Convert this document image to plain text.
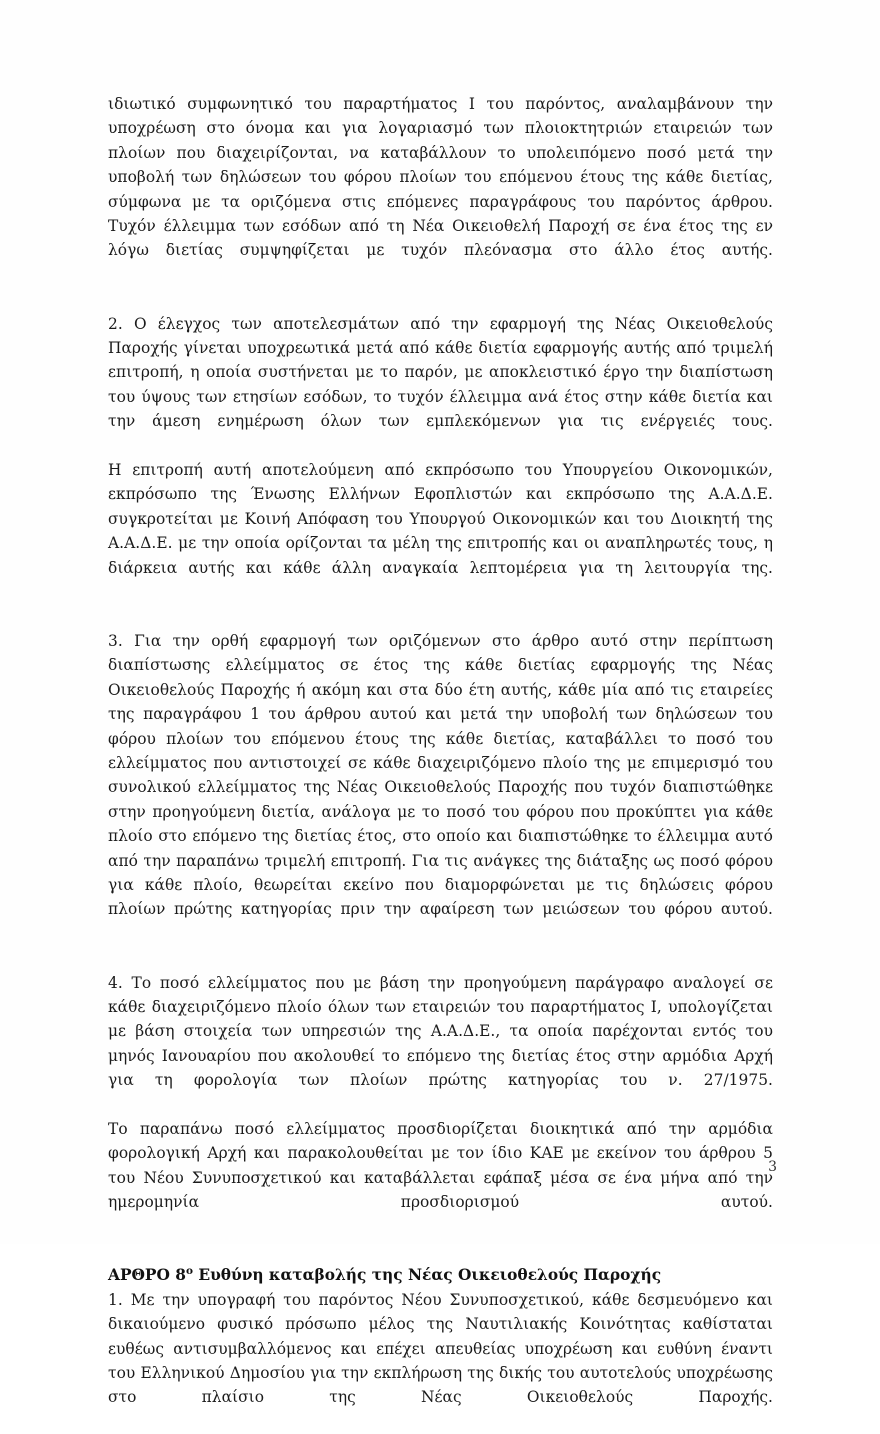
ιδιωτικό συμφωνητικό του παραρτήματος Ι του παρόντος, αναλαμβάνουν την υποχρέωση στο όνομα και για λογαριασμό των πλοιοκτητριών εταιρειών των πλοίων που διαχειρίζονται, να καταβάλλουν το υπολειπόμενο ποσό μετά την υποβολή των δηλώσεων του φόρου πλοίων του επόμενου έτους της κάθε διετίας, σύμφωνα με τα οριζόμενα στις επόμενες παραγράφους του παρόντος άρθρου. Τυχόν έλλειμμα των εσόδων από τη Νέα Οικειοθελή Παροχή σε ένα έτος της εν λόγω διετίας συμψηφίζεται με τυχόν πλεόνασμα στο άλλο έτος αυτής.

2. Ο έλεγχος των αποτελεσμάτων από την εφαρμογή της Νέας Οικειοθελούς Παροχής γίνεται υποχρεωτικά μετά από κάθε διετία εφαρμογής αυτής από τριμελή επιτροπή, η οποία συστήνεται με το παρόν, με αποκλειστικό έργο την διαπίστωση του ύψους των ετησίων εσόδων, το τυχόν έλλειμμα ανά έτος στην κάθε διετία και την άμεση ενημέρωση όλων των εμπλεκόμενων για τις ενέργειές τους.

Η επιτροπή αυτή αποτελούμενη από εκπρόσωπο του Υπουργείου Οικονομικών, εκπρόσωπο της Ένωσης Ελλήνων Εφοπλιστών και εκπρόσωπο της Α.Α.Δ.Ε. συγκροτείται με Κοινή Απόφαση του Υπουργού Οικονομικών και του Διοικητή της Α.Α.Δ.Ε. με την οποία ορίζονται τα μέλη της επιτροπής και οι αναπληρωτές τους, η διάρκεια αυτής και κάθε άλλη αναγκαία λεπτομέρεια για τη λειτουργία της.

3. Για την ορθή εφαρμογή των οριζόμενων στο άρθρο αυτό στην περίπτωση διαπίστωσης ελλείμματος σε έτος της κάθε διετίας εφαρμογής της Νέας Οικειοθελούς Παροχής ή ακόμη και στα δύο έτη αυτής, κάθε μία από τις εταιρείες της παραγράφου 1 του άρθρου αυτού και μετά την υποβολή των δηλώσεων του φόρου πλοίων του επόμενου έτους της κάθε διετίας, καταβάλλει το ποσό του ελλείμματος που αντιστοιχεί σε κάθε διαχειριζόμενο πλοίο της με επιμερισμό του συνολικού ελλείμματος της Νέας Οικειοθελούς Παροχής που τυχόν διαπιστώθηκε στην προηγούμενη διετία, ανάλογα με το ποσό του φόρου που προκύπτει για κάθε πλοίο στο επόμενο της διετίας έτος, στο οποίο και διαπιστώθηκε το έλλειμμα αυτό από την παραπάνω τριμελή επιτροπή. Για τις ανάγκες της διάταξης ως ποσό φόρου για κάθε πλοίο, θεωρείται εκείνο που διαμορφώνεται με τις δηλώσεις φόρου πλοίων πρώτης κατηγορίας πριν την αφαίρεση των μειώσεων του φόρου αυτού.

4. Το ποσό ελλείμματος που με βάση την προηγούμενη παράγραφο αναλογεί σε κάθε διαχειριζόμενο πλοίο όλων των εταιρειών του παραρτήματος Ι, υπολογίζεται με βάση στοιχεία των υπηρεσιών της Α.Α.Δ.Ε., τα οποία παρέχονται εντός του μηνός Ιανουαρίου που ακολουθεί το επόμενο της διετίας έτος στην αρμόδια Αρχή για τη φορολογία των πλοίων πρώτης κατηγορίας του ν. 27/1975.

Το παραπάνω ποσό ελλείμματος προσδιορίζεται διοικητικά από την αρμόδια φορολογική Αρχή και παρακολουθείται με τον ίδιο ΚΑΕ με εκείνον του άρθρου 5 του Νέου Συνυποσχετικού και καταβάλλεται εφάπαξ μέσα σε ένα μήνα από την ημερομηνία προσδιορισμού αυτού.

ΑΡΘΡΟ $8^o$ Ευθύνη καταβολής της Νέας Οικειοθελούς Παροχής

1. Με την υπογραφή του παρόντος Νέου Συνυποσχετικού, κάθε δεσμευόμενο και δικαιούμενο φυσικό πρόσωπο μέλος της Ναυτιλιακής Κοινότητας καθίσταται ευθέως αντισυμβαλλόμενος και επέχει απευθείας υποχρέωση και ευθύνη έναντι του Ελληνικού Δημοσίου για την εκπλήρωση της δικής του αυτοτελούς υποχρέωσης στο πλαίσιο της Νέας Οικειοθελούς Παροχής.

3
